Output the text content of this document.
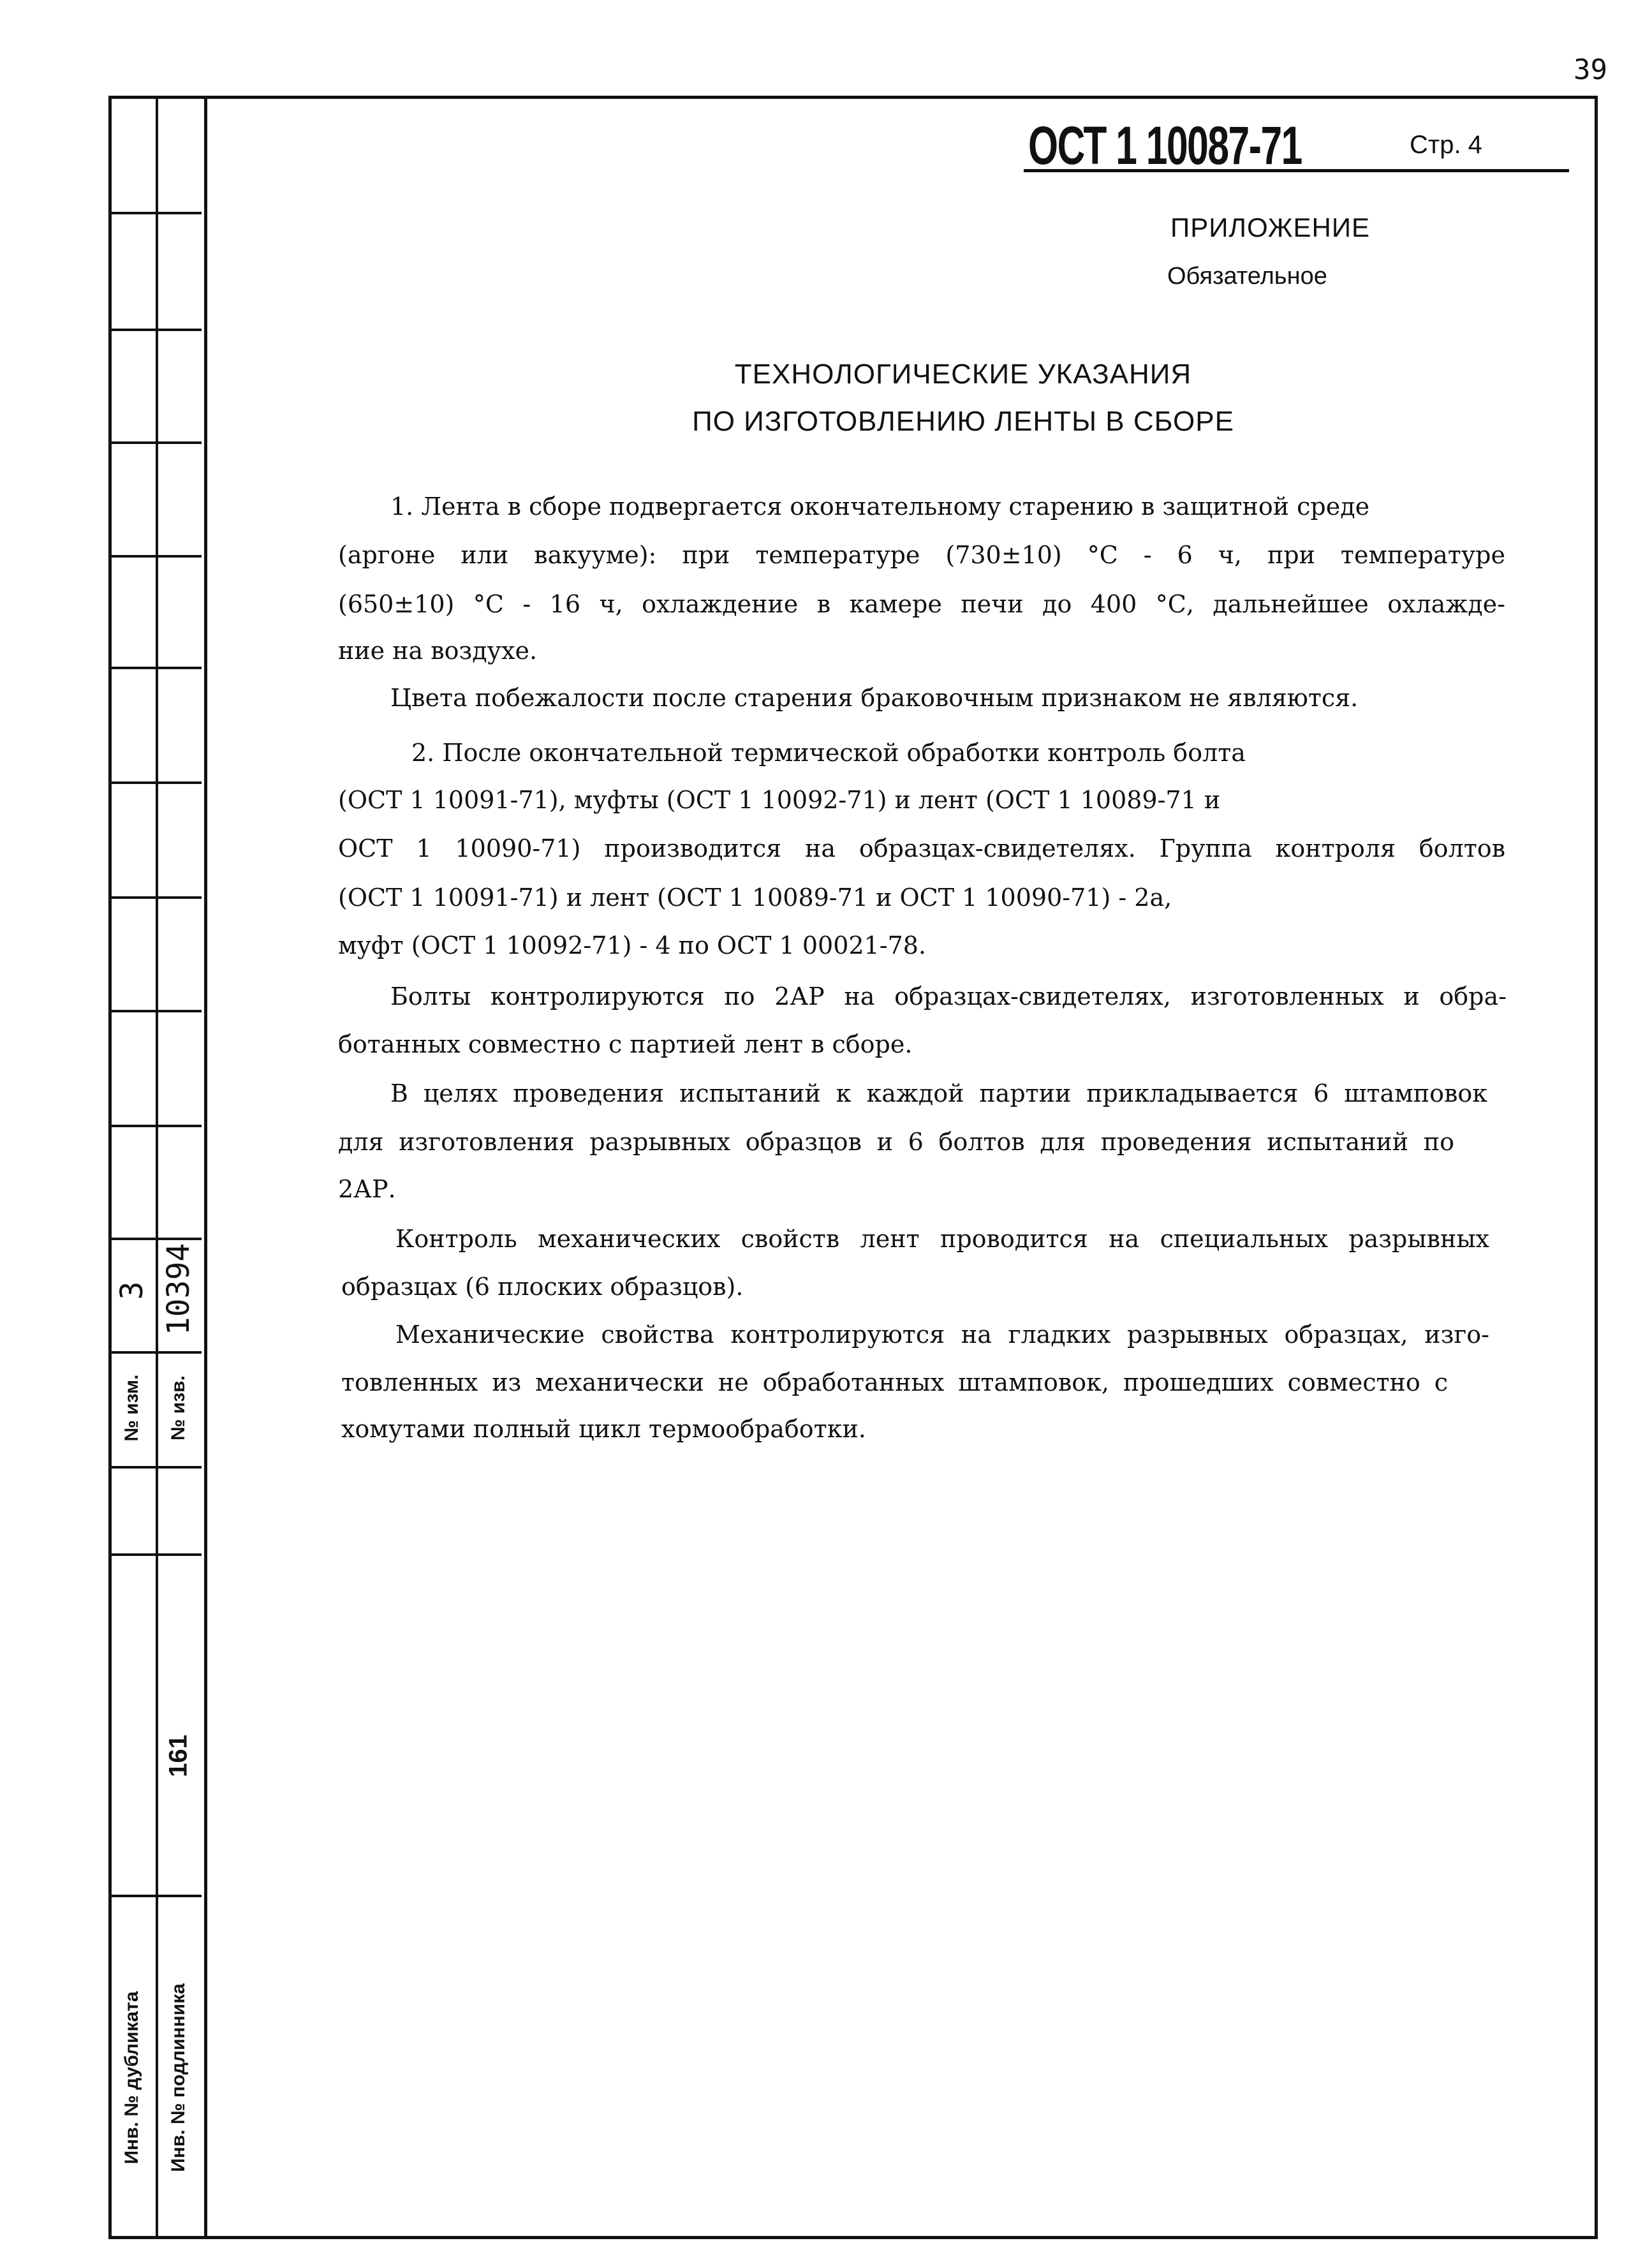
39
№ изм.
3
№ изв.
10394
Инв. № дубликата Инв. № подлинника
161
ОСТ 1 10087-71	Стр. 4
ПРИЛОЖЕНИЕ
Обязательное
ТЕХНОЛОГИЧЕСКИЕ УКАЗАНИЯ
ПО ИЗГОТОВЛЕНИЮ ЛЕНТЫ В СБОРЕ
1. Лента в сборе подвергается окончательному старению в защитной среде
(аргоне или вакууме): при температуре (730±10) °С - 6 ч, при температуре
(650±10) °С - 16 ч, охлаждение в камере печи до 400 °С, дальнейшее охлажде-
ние на воздухе.
Цвета побежалости после старения браковочным признаком не являются.
2. После окончательной термической обработки контроль болта
(ОСТ 1 10091-71), муфты (ОСТ 1 10092-71) и лент (ОСТ 1 10089-71 и
ОСТ 1 10090-71) производится на образцах-свидетелях. Группа контроля болтов
(ОСТ 1 10091-71) и лент (ОСТ 1 10089-71 и ОСТ 1 10090-71) - 2а,
муфт (ОСТ 1 10092-71) - 4 по ОСТ 1 00021-78.
Болты контролируются по 2АР на образцах-свидетелях, изготовленных и обра-
ботанных совместно с партией лент в сборе.
В целях проведения испытаний к каждой партии прикладывается 6 штамповок
для изготовления разрывных образцов и 6 болтов для проведения испытаний по
2АР.
Контроль механических свойств лент проводится на специальных разрывных
образцах (6 плоских образцов).
Механические свойства контролируются на гладких разрывных образцах, изго-
товленных из механически не обработанных штамповок, прошедших совместно с
хомутами полный цикл термообработки.
